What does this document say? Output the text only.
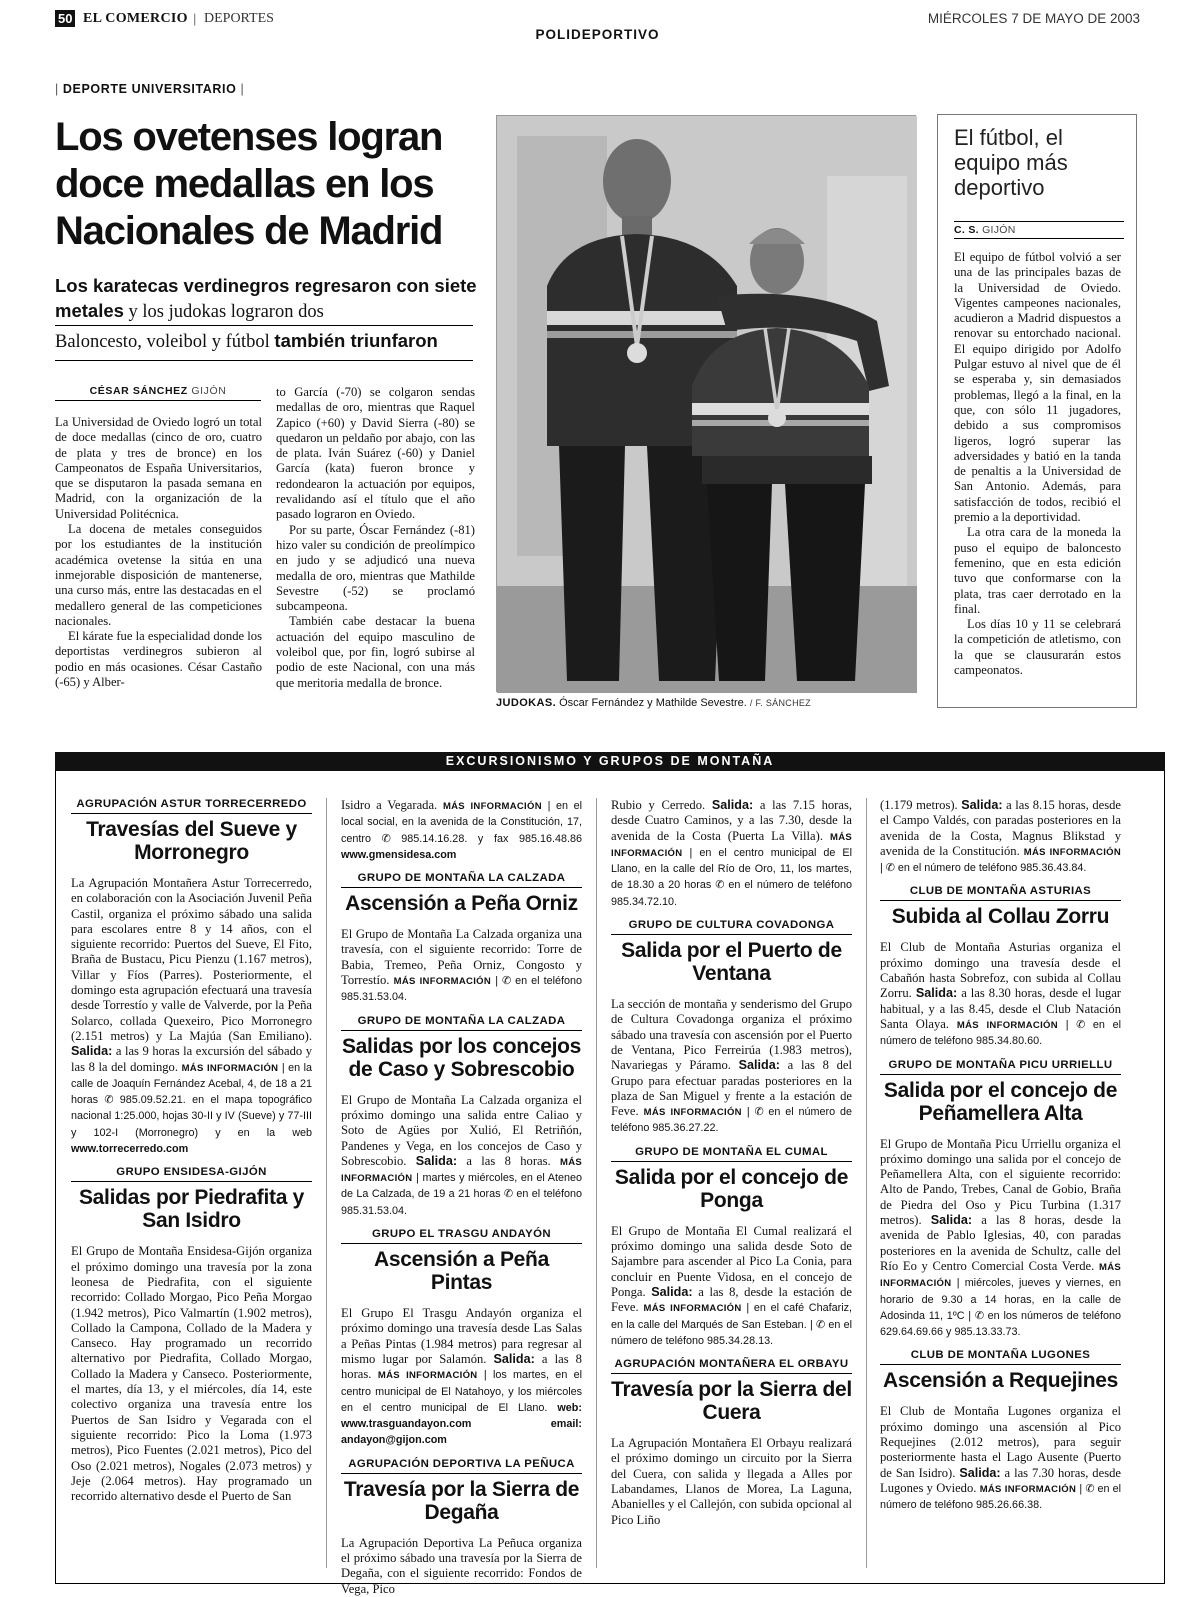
50 EL COMERCIO | DEPORTES	MIÉRCOLES 7 DE MAYO DE 2003
POLIDEPORTIVO
| DEPORTE UNIVERSITARIO |
Los ovetenses logran doce medallas en los Nacionales de Madrid
Los karatecas verdinegros regresaron con siete metales y los judokas lograron dos
Baloncesto, voleibol y fútbol también triunfaron
CÉSAR SÁNCHEZ GIJÓN

La Universidad de Oviedo logró un total de doce medallas (cinco de oro, cuatro de plata y tres de bronce) en los Campeonatos de España Universitarios, que se disputaron la pasada semana en Madrid, con la organización de la Universidad Politécnica.

La docena de metales conseguidos por los estudiantes de la institución académica ovetense la sitúa en una inmejorable disposición de mantenerse, una curso más, entre las destacadas en el medallero general de las competiciones nacionales.

El kárate fue la especialidad donde los deportistas verdinegros subieron al podio en más ocasiones. César Castaño (-65) y Alber-

to García (-70) se colgaron sendas medallas de oro, mientras que Raquel Zapico (+60) y David Sierra (-80) se quedaron un peldaño por abajo, con las de plata. Iván Suárez (-60) y Daniel García (kata) fueron bronce y redondearon la actuación por equipos, revalidando así el título que el año pasado lograron en Oviedo.

Por su parte, Óscar Fernández (-81) hizo valer su condición de preolímpico en judo y se adjudicó una nueva medalla de oro, mientras que Mathilde Sevestre (-52) se proclamó subcampeona.

También cabe destacar la buena actuación del equipo masculino de voleibol que, por fin, logró subirse al podio de este Nacional, con una más que meritoria medalla de bronce.

JUDOKAS. Óscar Fernández y Mathilde Sevestre. / F. SÁNCHEZ
El fútbol, el equipo más deportivo
C. S. GIJÓN

El equipo de fútbol volvió a ser una de las principales bazas de la Universidad de Oviedo. Vigentes campeones nacionales, acudieron a Madrid dispuestos a renovar su entorchado nacional. El equipo dirigido por Adolfo Pulgar estuvo al nivel que de él se esperaba y, sin demasiados problemas, llegó a la final, en la que, con sólo 11 jugadores, debido a sus compromisos ligeros, logró superar las adversidades y batió en la tanda de penaltis a la Universidad de San Antonio. Además, para satisfacción de todos, recibió el premio a la deportividad.

La otra cara de la moneda la puso el equipo de baloncesto femenino, que en esta edición tuvo que conformarse con la plata, tras caer derrotado en la final.

Los días 10 y 11 se celebrará la competición de atletismo, con la que se clausurarán estos campeonatos.

EXCURSIONISMO Y GRUPOS DE MONTAÑA
AGRUPACIÓN ASTUR TORRECERREDO
Travesías del Sueve y Morronegro
La Agrupación Montañera Astur Torrecerredo, en colaboración con la Asociación Juvenil Peña Castil, organiza el próximo sábado una salida para escolares entre 8 y 14 años, con el siguiente recorrido: Puertos del Sueve, El Fito, Braña de Bustacu, Picu Pienzu (1.167 metros), Villar y Fíos (Parres). Posteriormente, el domingo esta agrupación efectuará una travesía desde Torrestío y valle de Valverde, por la Peña Solarco, collada Quexeiro, Pico Morronegro (2.151 metros) y La Majúa (San Emiliano). Salida: a las 9 horas la excursión del sábado y las 8 la del domingo. MÁS INFORMACIÓN | en la calle de Joaquín Fernández Acebal, 4, de 18 a 21 horas ✆ 985.09.52.21. en el mapa topográfico nacional 1:25.000, hojas 30-II y IV (Sueve) y 77-III y 102-I (Morronegro) y en la web www.torrecerredo.com
GRUPO ENSIDESA-GIJÓN
Salidas por Piedrafita y San Isidro
El Grupo de Montaña Ensidesa-Gijón organiza el próximo domingo una travesía por la zona leonesa de Piedrafita, con el siguiente recorrido: Collado Morgao, Pico Peña Morgao (1.942 metros), Pico Valmartín (1.902 metros), Collado la Campona, Collado de la Madera y Canseco. Hay programado un recorrido alternativo por Piedrafita, Collado Morgao, Collado la Madera y Canseco. Posteriormente, el martes, día 13, y el miércoles, día 14, este colectivo organiza una travesía entre los Puertos de San Isidro y Vegarada con el siguiente recorrido: Pico la Loma (1.973 metros), Pico Fuentes (2.021 metros), Pico del Oso (2.021 metros), Nogales (2.073 metros) y Jeje (2.064 metros). Hay programado un recorrido alternativo desde el Puerto de San
Isidro a Vegarada. MÁS INFORMACIÓN | en el local social, en la avenida de la Constitución, 17, centro ✆ 985.14.16.28. y fax 985.16.48.86 www.gmensidesa.com
GRUPO DE MONTAÑA LA CALZADA
Ascensión a Peña Orniz
El Grupo de Montaña La Calzada organiza una travesía, con el siguiente recorrido: Torre de Babia, Tremeo, Peña Orniz, Congosto y Torrestío. MÁS INFORMACIÓN | ✆ en el teléfono 985.31.53.04.
GRUPO DE MONTAÑA LA CALZADA
Salidas por los concejos de Caso y Sobrescobio
El Grupo de Montaña La Calzada organiza el próximo domingo una salida entre Caliao y Soto de Agües por Xulió, El Retriñón, Pandenes y Vega, en los concejos de Caso y Sobrescobio. Salida: a las 8 horas. MÁS INFORMACIÓN | martes y miércoles, en el Ateneo de La Calzada, de 19 a 21 horas ✆ en el teléfono 985.31.53.04.
GRUPO EL TRASGU ANDAYÓN
Ascensión a Peña Pintas
El Grupo El Trasgu Andayón organiza el próximo domingo una travesía desde Las Salas a Peñas Pintas (1.984 metros) para regresar al mismo lugar por Salamón. Salida: a las 8 horas. MÁS INFORMACIÓN | los martes, en el centro municipal de El Natahoyo, y los miércoles en el centro municipal de El Llano. web: www.trasguandayon.com email: andayon@gijon.com
AGRUPACIÓN DEPORTIVA LA PEÑUCA
Travesía por la Sierra de Degaña
La Agrupación Deportiva La Peñuca organiza el próximo sábado una travesía por la Sierra de Degaña, con el siguiente recorrido: Fondos de Vega, Pico
Rubio y Cerredo. Salida: a las 7.15 horas, desde Cuatro Caminos, y a las 7.30, desde la avenida de la Costa (Puerta La Villa). MÁS INFORMACIÓN | en el centro municipal de El Llano, en la calle del Río de Oro, 11, los martes, de 18.30 a 20 horas ✆ en el número de teléfono 985.34.72.10.
GRUPO DE CULTURA COVADONGA
Salida por el Puerto de Ventana
La sección de montaña y senderismo del Grupo de Cultura Covadonga organiza el próximo sábado una travesía con ascensión por el Puerto de Ventana, Pico Ferreirúa (1.983 metros), Navariegas y Páramo. Salida: a las 8 del Grupo para efectuar paradas posteriores en la plaza de San Miguel y frente a la estación de Feve. MÁS INFORMACIÓN | ✆ en el número de teléfono 985.36.27.22.
GRUPO DE MONTAÑA EL CUMAL
Salida por el concejo de Ponga
El Grupo de Montaña El Cumal realizará el próximo domingo una salida desde Soto de Sajambre para ascender al Pico La Conia, para concluir en Puente Vidosa, en el concejo de Ponga. Salida: a las 8, desde la estación de Feve. MÁS INFORMACIÓN | en el café Chafariz, en la calle del Marqués de San Esteban. | ✆ en el número de teléfono 985.34.28.13.
AGRUPACIÓN MONTAÑERA EL ORBAYU
Travesía por la Sierra del Cuera
La Agrupación Montañera El Orbayu realizará el próximo domingo un circuito por la Sierra del Cuera, con salida y llegada a Alles por Labandames, Llanos de Morea, La Laguna, Abanielles y el Callejón, con subida opcional al Pico Liño
(1.179 metros). Salida: a las 8.15 horas, desde el Campo Valdés, con paradas posteriores en la avenida de la Costa, Magnus Blikstad y avenida de la Constitución. MÁS INFORMACIÓN | ✆ en el número de teléfono 985.36.43.84.
CLUB DE MONTAÑA ASTURIAS
Subida al Collau Zorru
El Club de Montaña Asturias organiza el próximo domingo una travesía desde el Cabañón hasta Sobrefoz, con subida al Collau Zorru. Salida: a las 8.30 horas, desde el lugar habitual, y a las 8.45, desde el Club Natación Santa Olaya. MÁS INFORMACIÓN | ✆ en el número de teléfono 985.34.80.60.
GRUPO DE MONTAÑA PICU URRIELLU
Salida por el concejo de Peñamellera Alta
El Grupo de Montaña Picu Urriellu organiza el próximo domingo una salida por el concejo de Peñamellera Alta, con el siguiente recorrido: Alto de Pando, Trebes, Canal de Gobio, Braña de Piedra del Oso y Picu Turbina (1.317 metros). Salida: a las 8 horas, desde la avenida de Pablo Iglesias, 40, con paradas posteriores en la avenida de Schultz, calle del Río Eo y Centro Comercial Costa Verde. MÁS INFORMACIÓN | miércoles, jueves y viernes, en horario de 9.30 a 14 horas, en la calle de Adosinda 11, 1ºC | ✆ en los números de teléfono 629.64.69.66 y 985.13.33.73.
CLUB DE MONTAÑA LUGONES
Ascensión a Requejines
El Club de Montaña Lugones organiza el próximo domingo una ascensión al Pico Requejines (2.012 metros), para seguir posteriormente hasta el Lago Ausente (Puerto de San Isidro). Salida: a las 7.30 horas, desde Lugones y Oviedo. MÁS INFORMACIÓN | ✆ en el número de teléfono 985.26.66.38.
